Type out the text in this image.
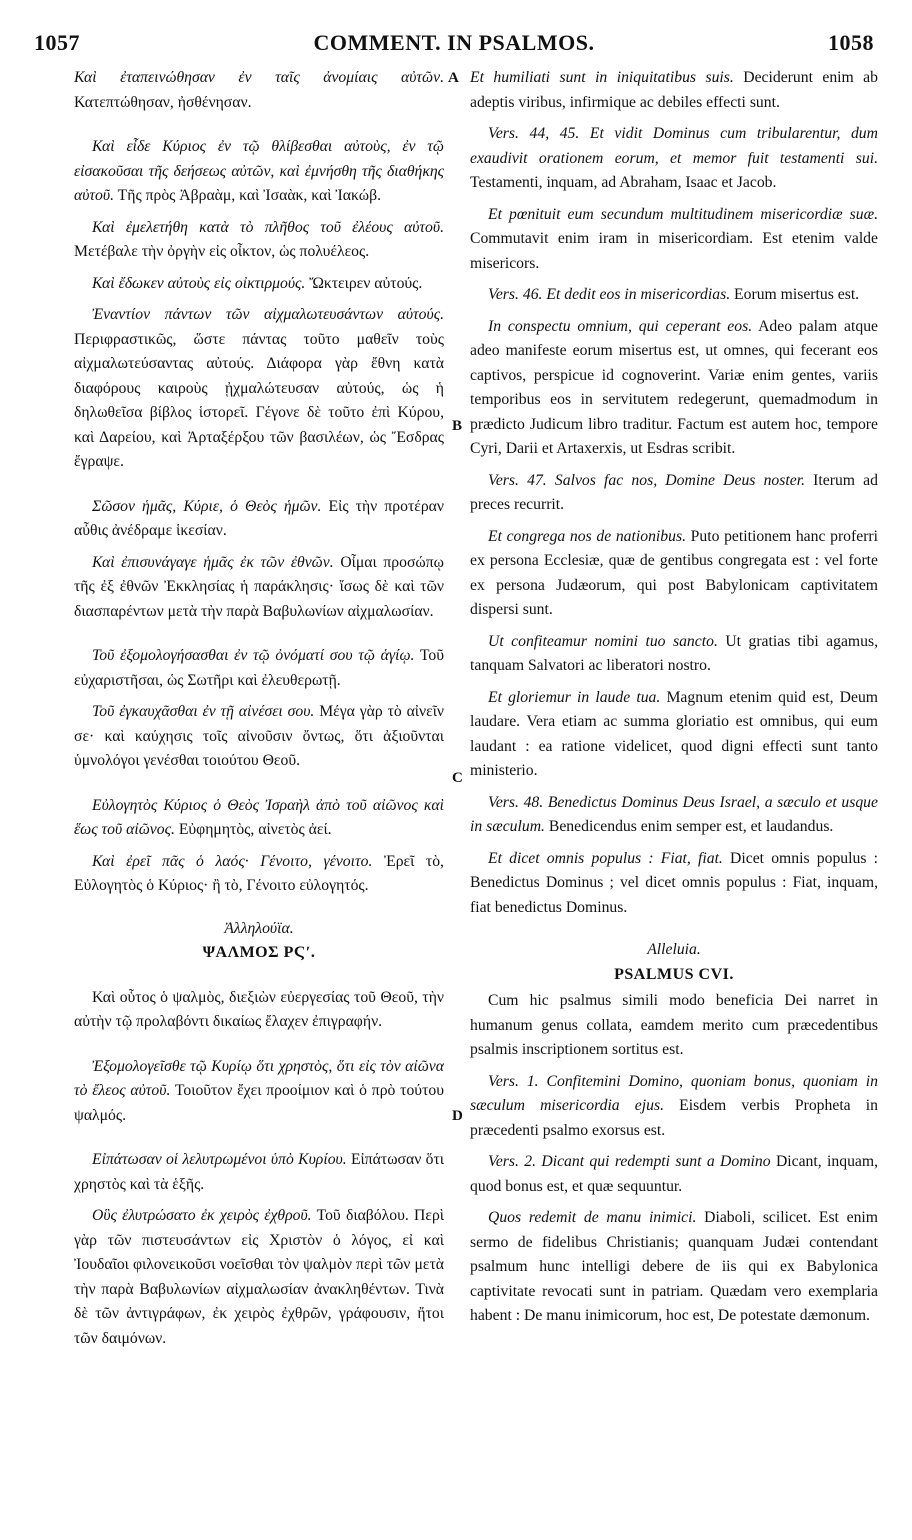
1057	COMMENT. IN PSALMOS.	1058
A
B
C
D

Καὶ ἐταπεινώθησαν ἐν ταῖς ἀνομίαις αὐτῶν. Κατεπτώθησαν, ἠσθένησαν.

Καὶ εἶδε Κύριος ἐν τῷ θλίβεσθαι αὐτοὺς, ἐν τῷ εἰσακοῦσαι τῆς δεήσεως αὐτῶν, καὶ ἐμνήσθη τῆς διαθήκης αὐτοῦ. Τῆς πρὸς Ἀβραὰμ, καὶ Ἰσαὰκ, καὶ Ἰακώβ.

Καὶ ἐμελετήθη κατὰ τὸ πλῆθος τοῦ ἐλέους αὐτοῦ. Μετέβαλε τὴν ὀργὴν εἰς οἶκτον, ὡς πολυέλεος.

Καὶ ἔδωκεν αὐτοὺς εἰς οἰκτιρμούς. Ὤκτειρεν αὐτούς.

Ἐναντίον πάντων τῶν αἰχμαλωτευσάντων αὐτούς. Περιφραστικῶς, ὥστε πάντας τοῦτο μαθεῖν τοὺς αἰχμαλωτεύσαντας αὐτούς. Διάφορα γὰρ ἔθνη κατὰ διαφόρους καιροὺς ᾐχμαλώτευσαν αὐτούς, ὡς ἡ δηλωθεῖσα βίβλος ἱστορεῖ. Γέγονε δὲ τοῦτο ἐπὶ Κύρου, καὶ Δαρείου, καὶ Ἀρταξέρξου τῶν βασιλέων, ὡς Ἔσδρας ἔγραψε.

Σῶσον ἡμᾶς, Κύριε, ὁ Θεὸς ἡμῶν. Εἰς τὴν προτέραν αὖθις ἀνέδραμε ἱκεσίαν.

Καὶ ἐπισυνάγαγε ἡμᾶς ἐκ τῶν ἐθνῶν. Οἶμαι προσώπῳ τῆς ἐξ ἐθνῶν Ἐκκλησίας ἡ παράκλησις· ἴσως δὲ καὶ τῶν διασπαρέντων μετὰ τὴν παρὰ Βαβυλωνίων αἰχμαλωσίαν.

Τοῦ ἐξομολογήσασθαι ἐν τῷ ὀνόματί σου τῷ ἁγίῳ. Τοῦ εὐχαριστῆσαι, ὡς Σωτῆρι καὶ ἐλευθερωτῇ.

Τοῦ ἐγκαυχᾶσθαι ἐν τῇ αἰνέσει σου. Μέγα γὰρ τὸ αἰνεῖν σε· καὶ καύχησις τοῖς αἰνοῦσιν ὄντως, ὅτι ἀξιοῦνται ὑμνολόγοι γενέσθαι τοιούτου Θεοῦ.

Εὐλογητὸς Κύριος ὁ Θεὸς Ἰσραὴλ ἀπὸ τοῦ αἰῶνος καὶ ἕως τοῦ αἰῶνος. Εὐφημητὸς, αἰνετὸς ἀεί.

Καὶ ἐρεῖ πᾶς ὁ λαός· Γένοιτο, γένοιτο. Ἐρεῖ τὸ, Εὐλογητὸς ὁ Κύριος· ἢ τὸ, Γένοιτο εὐλογητός.

Ἀλληλούϊα.

ΨΑΛΜΟΣ ΡϚʹ.

Καὶ οὗτος ὁ ψαλμὸς, διεξιὼν εὐεργεσίας τοῦ Θεοῦ, τὴν αὐτὴν τῷ προλαβόντι δικαίως ἔλαχεν ἐπιγραφήν.

Ἐξομολογεῖσθε τῷ Κυρίῳ ὅτι χρηστὸς, ὅτι εἰς τὸν αἰῶνα τὸ ἔλεος αὐτοῦ. Τοιοῦτον ἔχει προοίμιον καὶ ὁ πρὸ τούτου ψαλμός.

Εἰπάτωσαν οἱ λελυτρωμένοι ὑπὸ Κυρίου. Εἰπάτωσαν ὅτι χρηστὸς καὶ τὰ ἑξῆς.

Οὓς ἐλυτρώσατο ἐκ χειρὸς ἐχθροῦ. Τοῦ διαβόλου. Περὶ γὰρ τῶν πιστευσάντων εἰς Χριστὸν ὁ λόγος, εἰ καὶ Ἰουδαῖοι φιλονεικοῦσι νοεῖσθαι τὸν ψαλμὸν περὶ τῶν μετὰ τὴν παρὰ Βαβυλωνίων αἰχμαλωσίαν ἀνακληθέντων. Τινὰ δὲ τῶν ἀντιγράφων, ἐκ χειρὸς ἐχθρῶν, γράφουσιν, ἤτοι τῶν δαιμόνων.

Et humiliati sunt in iniquitatibus suis. Deciderunt enim ab adeptis viribus, infirmique ac debiles effecti sunt.

Vers. 44, 45. Et vidit Dominus cum tribularentur, dum exaudivit orationem eorum, et memor fuit testamenti sui. Testamenti, inquam, ad Abraham, Isaac et Jacob.

Et pœnituit eum secundum multitudinem misericordiæ suæ. Commutavit enim iram in misericordiam. Est etenim valde misericors.

Vers. 46. Et dedit eos in misericordias. Eorum misertus est.

In conspectu omnium, qui ceperant eos. Adeo palam atque adeo manifeste eorum misertus est, ut omnes, qui fecerant eos captivos, perspicue id cognoverint. Variæ enim gentes, variis temporibus eos in servitutem redegerunt, quemadmodum in prædicto Judicum libro traditur. Factum est autem hoc, tempore Cyri, Darii et Artaxerxis, ut Esdras scribit.

Vers. 47. Salvos fac nos, Domine Deus noster. Iterum ad preces recurrit.

Et congrega nos de nationibus. Puto petitionem hanc proferri ex persona Ecclesiæ, quæ de gentibus congregata est : vel forte ex persona Judæorum, qui post Babylonicam captivitatem dispersi sunt.

Ut confiteamur nomini tuo sancto. Ut gratias tibi agamus, tanquam Salvatori ac liberatori nostro.

Et gloriemur in laude tua. Magnum etenim quid est, Deum laudare. Vera etiam ac summa gloriatio est omnibus, qui eum laudant : ea ratione videlicet, quod digni effecti sunt tanto ministerio.

Vers. 48. Benedictus Dominus Deus Israel, a sæculo et usque in sæculum. Benedicendus enim semper est, et laudandus.

Et dicet omnis populus : Fiat, fiat. Dicet omnis populus : Benedictus Dominus ; vel dicet omnis populus : Fiat, inquam, fiat benedictus Dominus.

Alleluia.

PSALMUS CVI.

Cum hic psalmus simili modo beneficia Dei narret in humanum genus collata, eamdem merito cum præcedentibus psalmis inscriptionem sortitus est.

Vers. 1. Confitemini Domino, quoniam bonus, quoniam in sæculum misericordia ejus. Eisdem verbis Propheta in præcedenti psalmo exorsus est.

Vers. 2. Dicant qui redempti sunt a Domino Dicant, inquam, quod bonus est, et quæ sequuntur.

Quos redemit de manu inimici. Diaboli, scilicet. Est enim sermo de fidelibus Christianis; quanquam Judæi contendant psalmum hunc intelligi debere de iis qui ex Babylonica captivitate revocati sunt in patriam. Quædam vero exemplaria habent : De manu inimicorum, hoc est, De potestate dæmonum.
